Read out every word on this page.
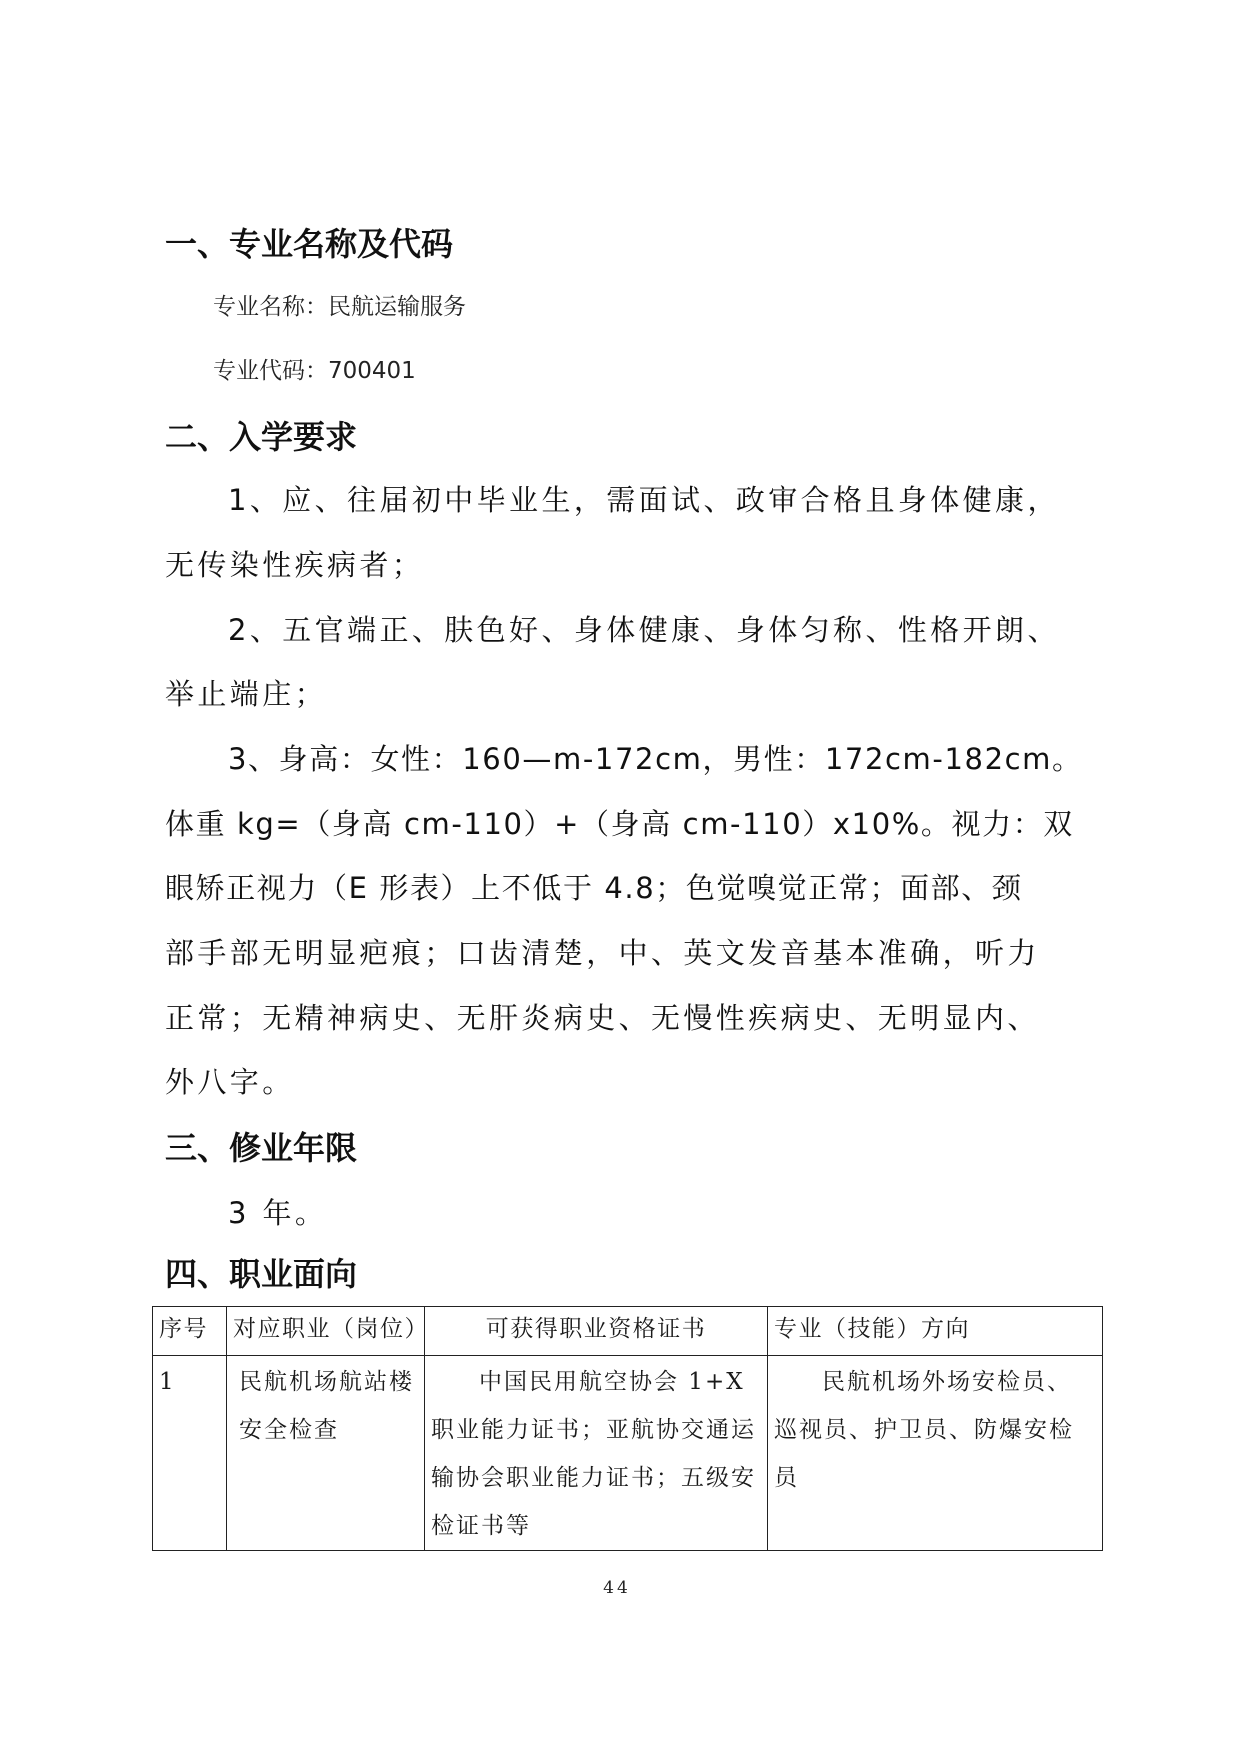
一、专业名称及代码
专业名称：民航运输服务
专业代码：700401
二、入学要求
1、应、往届初中毕业生，需面试、政审合格且身体健康，
无传染性疾病者；
2、五官端正、肤色好、身体健康、身体匀称、性格开朗、
举止端庄；
3、身高：女性：160—m-172cm，男性：172cm-182cm。
体重 kg=（身高 cm-110）+（身高 cm-110）x10%。视力：双
眼矫正视力（E 形表）上不低于 4.8；色觉嗅觉正常；面部、颈
部手部无明显疤痕；口齿清楚，中、英文发音基本准确，听力
正常；无精神病史、无肝炎病史、无慢性疾病史、无明显内、
外八字。
三、修业年限
3 年。
四、职业面向
序号	对应职业（岗位）	可获得职业资格证书	专业（技能）方向
1	民航机场航站楼安全检查	中国民用航空协会 1+X 职业能力证书；亚航协交通运输协会职业能力证书；五级安检证书等	民航机场外场安检员、巡视员、护卫员、防爆安检员
44
